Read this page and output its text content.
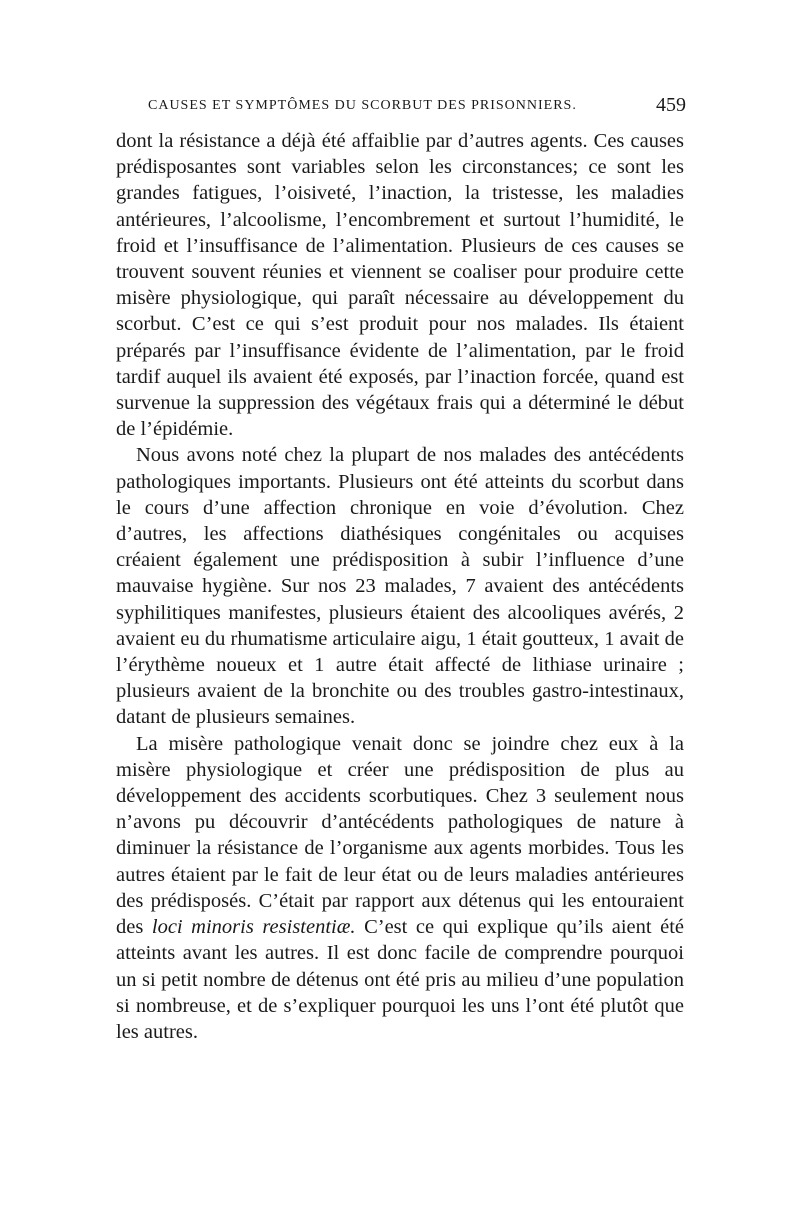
CAUSES ET SYMPTÔMES DU SCORBUT DES PRISONNIERS.	459

dont la résistance a déjà été affaiblie par d’autres agents. Ces causes prédisposantes sont variables selon les circonstances; ce sont les grandes fatigues, l’oisiveté, l’inaction, la tristesse, les maladies antérieures, l’alcoolisme, l’encombrement et surtout l’humidité, le froid et l’insuffisance de l’alimentation. Plusieurs de ces causes se trouvent souvent réunies et viennent se coaliser pour produire cette misère physiologique, qui paraît nécessaire au développement du scorbut. C’est ce qui s’est produit pour nos malades. Ils étaient préparés par l’insuffisance évidente de l’alimentation, par le froid tardif auquel ils avaient été exposés, par l’inaction forcée, quand est survenue la suppression des végétaux frais qui a déterminé le début de l’épidémie.

Nous avons noté chez la plupart de nos malades des antécédents pathologiques importants. Plusieurs ont été atteints du scorbut dans le cours d’une affection chronique en voie d’évolution. Chez d’autres, les affections diathésiques congénitales ou acquises créaient également une prédisposition à subir l’influence d’une mauvaise hygiène. Sur nos 23 malades, 7 avaient des antécédents syphilitiques manifestes, plusieurs étaient des alcooliques avérés, 2 avaient eu du rhumatisme articulaire aigu, 1 était goutteux, 1 avait de l’érythème noueux et 1 autre était affecté de lithiase urinaire ; plusieurs avaient de la bronchite ou des troubles gastro-intestinaux, datant de plusieurs semaines.

La misère pathologique venait donc se joindre chez eux à la misère physiologique et créer une prédisposition de plus au développement des accidents scorbutiques. Chez 3 seulement nous n’avons pu découvrir d’antécédents pathologiques de nature à diminuer la résistance de l’organisme aux agents morbides. Tous les autres étaient par le fait de leur état ou de leurs maladies antérieures des prédisposés. C’était par rapport aux détenus qui les entouraient des loci minoris resistentiæ. C’est ce qui explique qu’ils aient été atteints avant les autres. Il est donc facile de comprendre pourquoi un si petit nombre de détenus ont été pris au milieu d’une population si nombreuse, et de s’expliquer pourquoi les uns l’ont été plutôt que les autres.
